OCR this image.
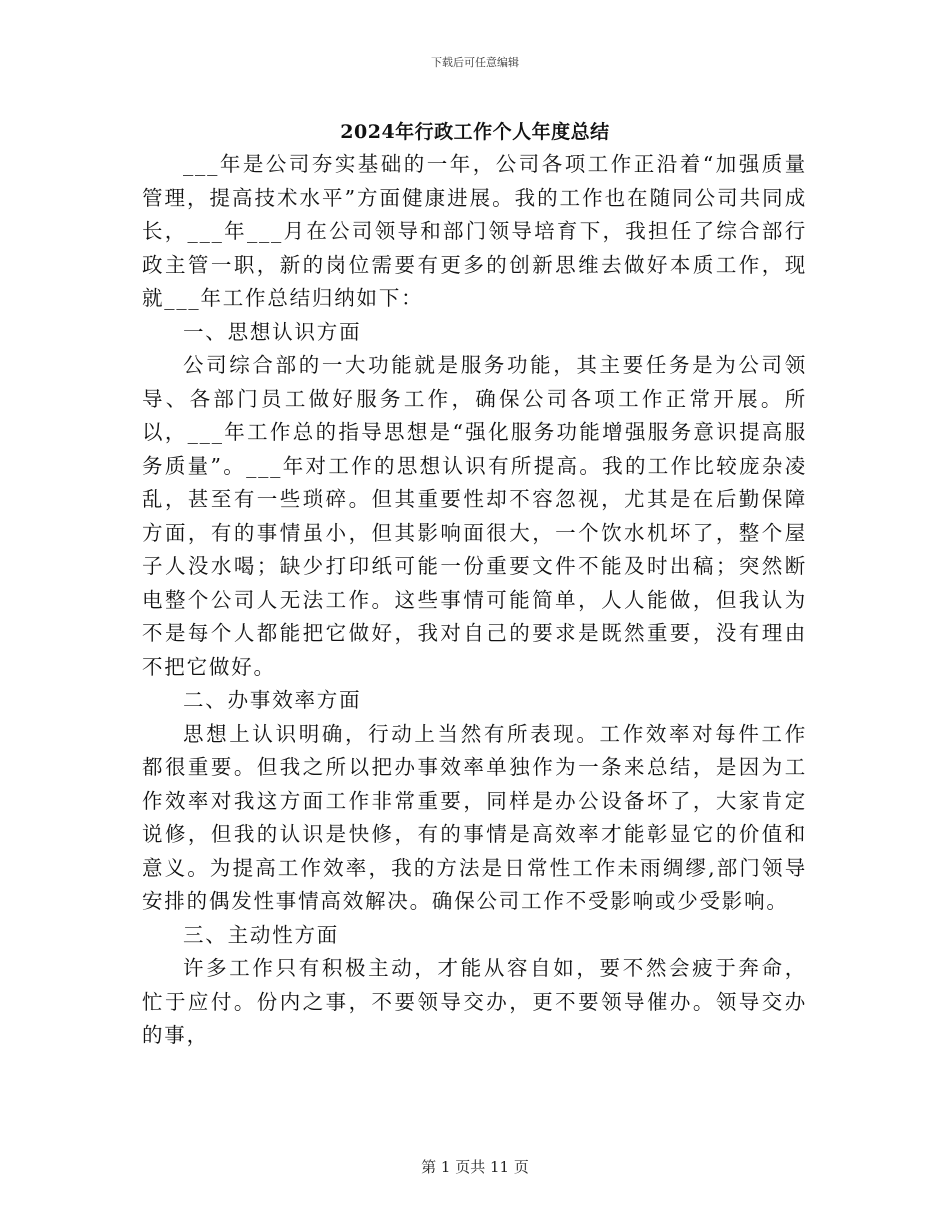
下载后可任意编辑
2024年行政工作个人年度总结

___年是公司夯实基础的一年，公司各项工作正沿着“加强质量管理，提高技术水平”方面健康进展。我的工作也在随同公司共同成长，___年___月在公司领导和部门领导培育下，我担任了综合部行政主管一职，新的岗位需要有更多的创新思维去做好本质工作，现就___年工作总结归纳如下：

一、思想认识方面

公司综合部的一大功能就是服务功能，其主要任务是为公司领导、各部门员工做好服务工作，确保公司各项工作正常开展。所以，___年工作总的指导思想是“强化服务功能增强服务意识提高服务质量”。___年对工作的思想认识有所提高。我的工作比较庞杂凌乱，甚至有一些琐碎。但其重要性却不容忽视，尤其是在后勤保障方面，有的事情虽小，但其影响面很大，一个饮水机坏了，整个屋子人没水喝；缺少打印纸可能一份重要文件不能及时出稿；突然断电整个公司人无法工作。这些事情可能简单，人人能做，但我认为不是每个人都能把它做好，我对自己的要求是既然重要，没有理由不把它做好。

二、办事效率方面

思想上认识明确，行动上当然有所表现。工作效率对每件工作都很重要。但我之所以把办事效率单独作为一条来总结，是因为工作效率对我这方面工作非常重要，同样是办公设备坏了，大家肯定说修，但我的认识是快修，有的事情是高效率才能彰显它的价值和意义。为提高工作效率，我的方法是日常性工作未雨绸缪,部门领导安排的偶发性事情高效解决。确保公司工作不受影响或少受影响。

三、主动性方面

许多工作只有积极主动，才能从容自如，要不然会疲于奔命，忙于应付。份内之事，不要领导交办，更不要领导催办。领导交办的事，

第 1 页共 11 页
